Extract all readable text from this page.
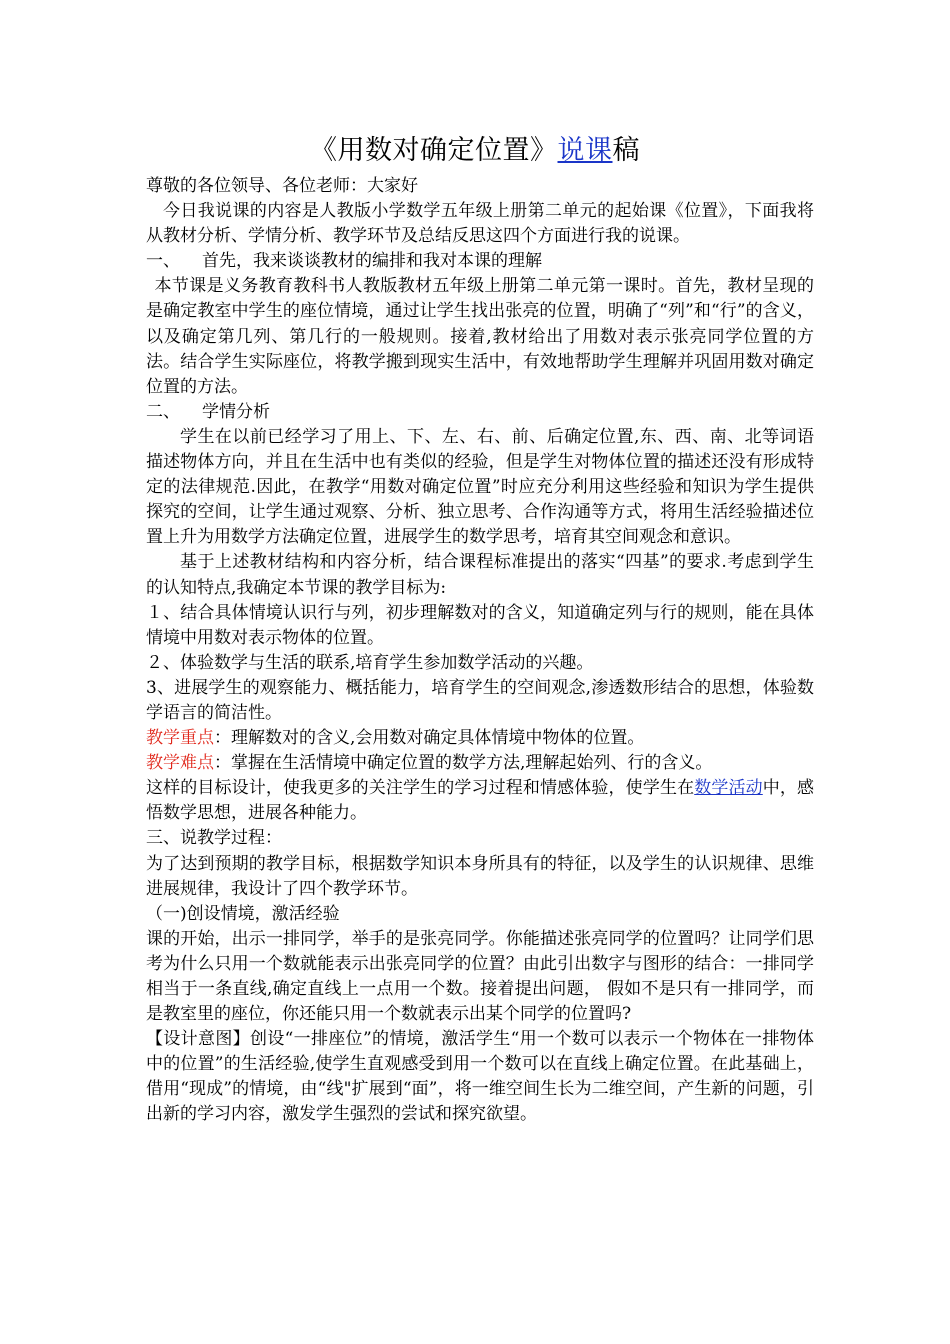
《用数对确定位置》说课稿

尊敬的各位领导、各位老师：大家好

今日我说课的内容是人教版小学数学五年级上册第二单元的起始课《位置》，下面我将从教材分析、学情分析、教学环节及总结反思这四个方面进行我的说课。

一、 首先，我来谈谈教材的编排和我对本课的理解

本节课是义务教育教科书人教版教材五年级上册第二单元第一课时。首先，教材呈现的是确定教室中学生的座位情境，通过让学生找出张亮的位置，明确了“列”和“行”的含义，以及确定第几列、第几行的一般规则。接着,教材给出了用数对表示张亮同学位置的方法。结合学生实际座位，将教学搬到现实生活中，有效地帮助学生理解并巩固用数对确定位置的方法。

二、 学情分析

学生在以前已经学习了用上、下、左、右、前、后确定位置,东、西、南、北等词语描述物体方向，并且在生活中也有类似的经验，但是学生对物体位置的描述还没有形成特定的法律规范.因此，在教学“用数对确定位置”时应充分利用这些经验和知识为学生提供探究的空间，让学生通过观察、分析、独立思考、合作沟通等方式，将用生活经验描述位置上升为用数学方法确定位置，进展学生的数学思考，培育其空间观念和意识。

基于上述教材结构和内容分析，结合课程标准提出的落实“四基”的要求.考虑到学生的认知特点,我确定本节课的教学目标为:

１、结合具体情境认识行与列，初步理解数对的含义，知道确定列与行的规则，能在具体情境中用数对表示物体的位置。

２、体验数学与生活的联系,培育学生参加数学活动的兴趣。

3、进展学生的观察能力、概括能力，培育学生的空间观念,渗透数形结合的思想，体验数学语言的简洁性。

教学重点：理解数对的含义,会用数对确定具体情境中物体的位置。

教学难点：掌握在生活情境中确定位置的数学方法,理解起始列、行的含义。

这样的目标设计，使我更多的关注学生的学习过程和情感体验，使学生在数学活动中，感悟数学思想，进展各种能力。

三、说教学过程：

为了达到预期的教学目标，根据数学知识本身所具有的特征，以及学生的认识规律、思维进展规律，我设计了四个教学环节。

（一)创设情境，激活经验

课的开始，出示一排同学，举手的是张亮同学。你能描述张亮同学的位置吗？让同学们思考为什么只用一个数就能表示出张亮同学的位置？由此引出数字与图形的结合：一排同学相当于一条直线,确定直线上一点用一个数。接着提出问题， 假如不是只有一排同学，而是教室里的座位，你还能只用一个数就表示出某个同学的位置吗?

【设计意图】创设“一排座位”的情境，激活学生“用一个数可以表示一个物体在一排物体中的位置”的生活经验,使学生直观感受到用一个数可以在直线上确定位置。在此基础上，借用“现成”的情境，由“线"扩展到“面”，将一维空间生长为二维空间，产生新的问题，引出新的学习内容，激发学生强烈的尝试和探究欲望。
